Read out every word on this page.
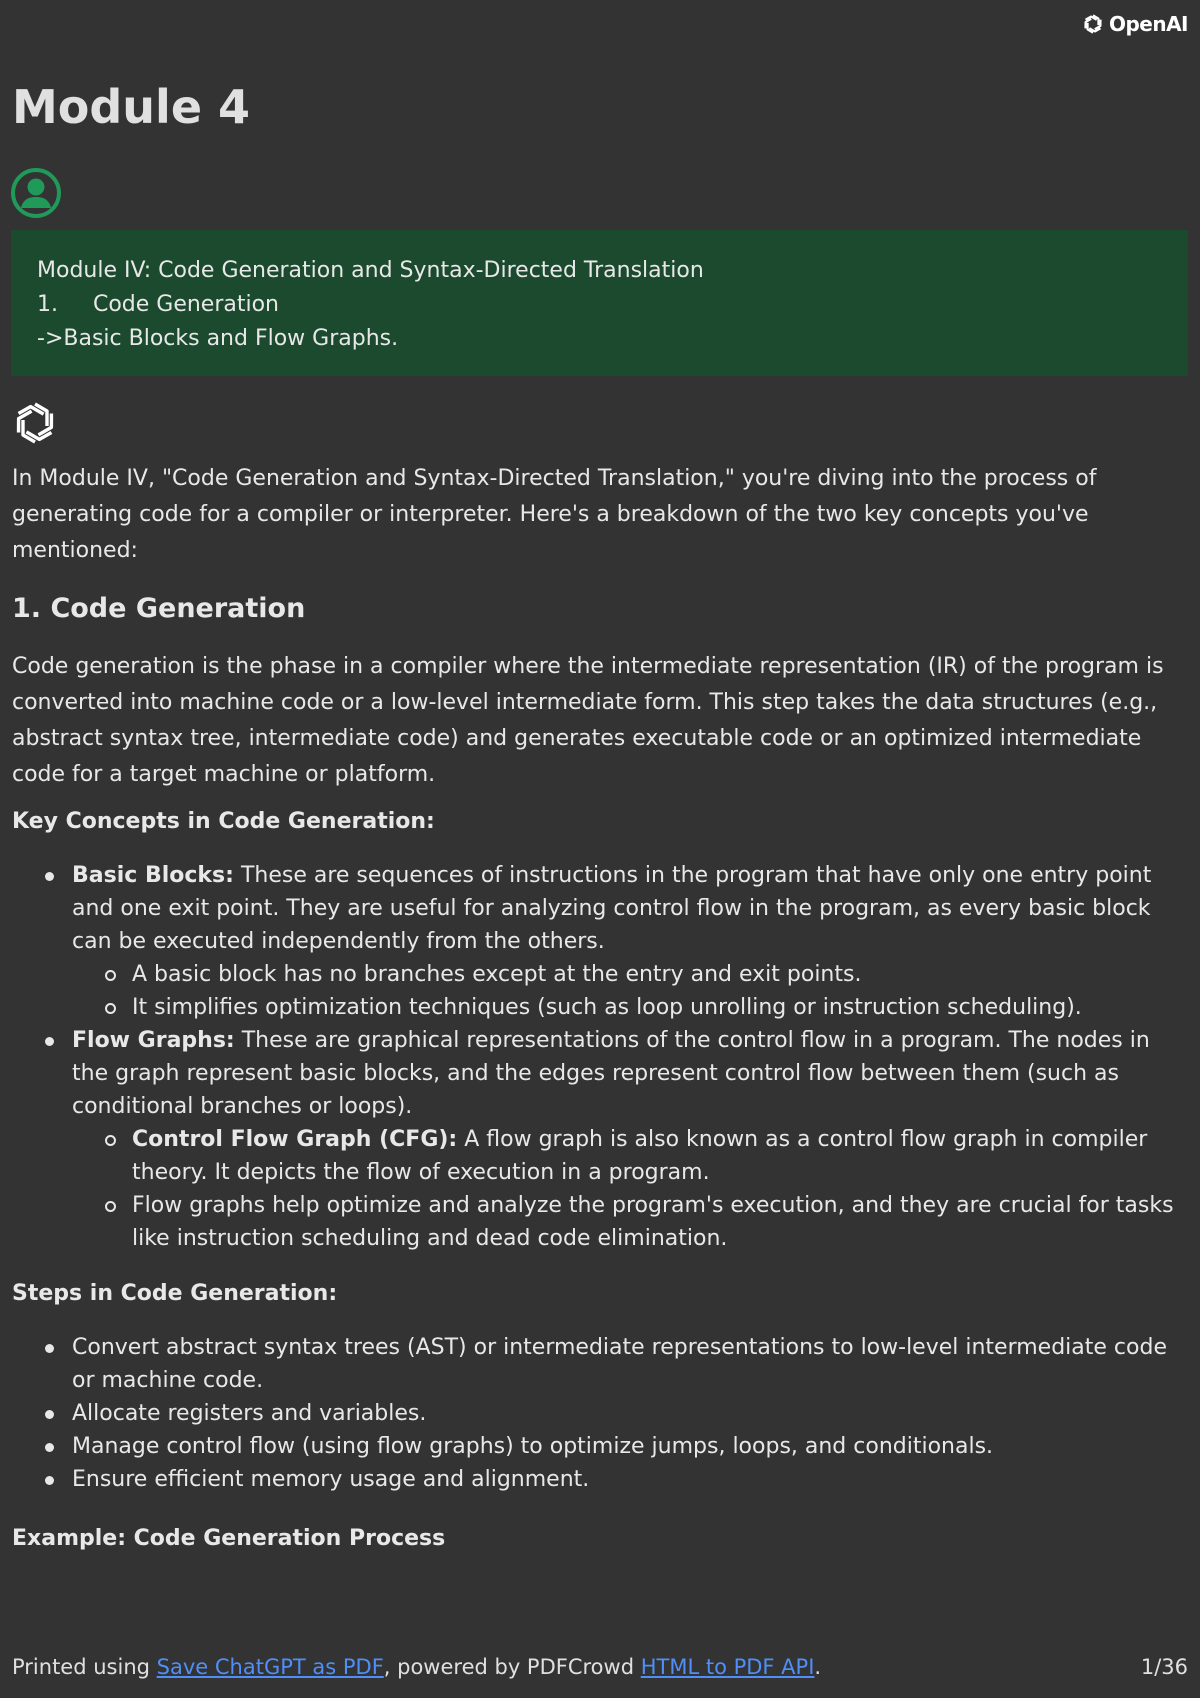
OpenAI
Module 4
Module IV: Code Generation and Syntax-Directed Translation
1.     Code Generation
->Basic Blocks and Flow Graphs.

In Module IV, "Code Generation and Syntax-Directed Translation," you're diving into the process of generating code for a compiler or interpreter. Here's a breakdown of the two key concepts you've mentioned:

1. Code Generation

Code generation is the phase in a compiler where the intermediate representation (IR) of the program is converted into machine code or a low-level intermediate form. This step takes the data structures (e.g., abstract syntax tree, intermediate code) and generates executable code or an optimized intermediate code for a target machine or platform.

Key Concepts in Code Generation:

Basic Blocks: These are sequences of instructions in the program that have only one entry point and one exit point. They are useful for analyzing control flow in the program, as every basic block can be executed independently from the others.
A basic block has no branches except at the entry and exit points.
It simplifies optimization techniques (such as loop unrolling or instruction scheduling).
Flow Graphs: These are graphical representations of the control flow in a program. The nodes in the graph represent basic blocks, and the edges represent control flow between them (such as conditional branches or loops).
Control Flow Graph (CFG): A flow graph is also known as a control flow graph in compiler theory. It depicts the flow of execution in a program.
Flow graphs help optimize and analyze the program's execution, and they are crucial for tasks like instruction scheduling and dead code elimination.

Steps in Code Generation:

Convert abstract syntax trees (AST) or intermediate representations to low-level intermediate code or machine code.
Allocate registers and variables.
Manage control flow (using flow graphs) to optimize jumps, loops, and conditionals.
Ensure efficient memory usage and alignment.

Example: Code Generation Process

Printed using Save ChatGPT as PDF, powered by PDFCrowd HTML to PDF API.	1/36
